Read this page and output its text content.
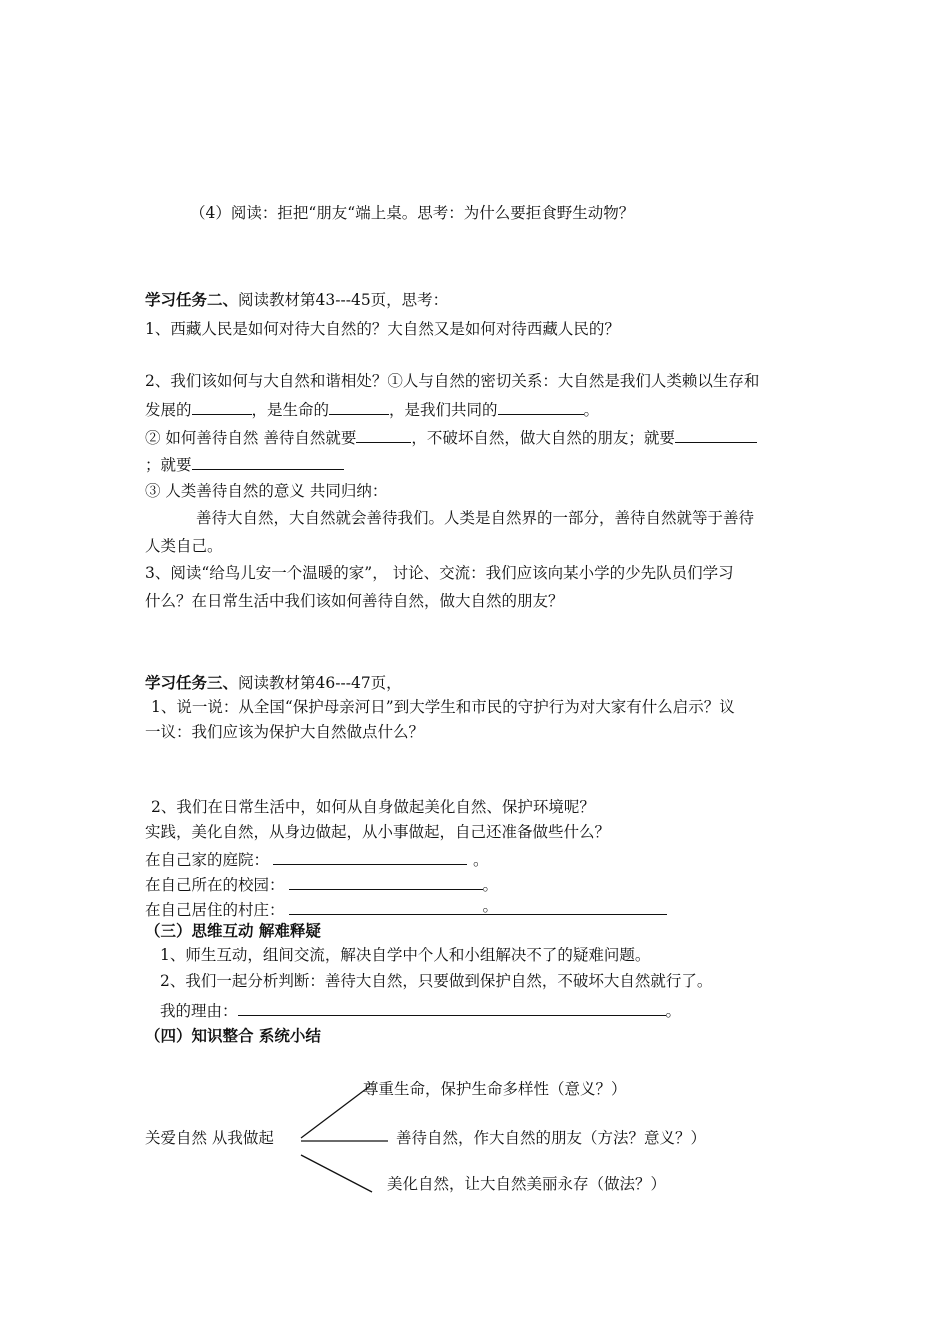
（4）阅读：拒把“朋友“端上桌。思考：为什么要拒食野生动物？
学习任务二、阅读教材第43---45页，思考：
1、西藏人民是如何对待大自然的？大自然又是如何对待西藏人民的？
2、我们该如何与大自然和谐相处？①人与自然的密切关系：大自然是我们人类赖以生存和
发展的	，是生命的	，是我们共同的	。
② 如何善待自然 善待自然就要	，不破坏自然，做大自然的朋友；就要
；就要
③ 人类善待自然的意义 共同归纳：
善待大自然，大自然就会善待我们。人类是自然界的一部分，善待自然就等于善待
人类自己。
3、阅读“给鸟儿安一个温暖的家”， 讨论、交流：我们应该向某小学的少先队员们学习
什么？在日常生活中我们该如何善待自然，做大自然的朋友？
学习任务三、阅读教材第46---47页，
1、说一说：从全国“保护母亲河日”到大学生和市民的守护行为对大家有什么启示？议
一议：我们应该为保护大自然做点什么？
2、我们在日常生活中，如何从自身做起美化自然、保护环境呢？
实践，美化自然，从身边做起，从小事做起，自己还准备做些什么？
在自己家的庭院：	。
在自己所在的校园：	。
在自己居住的村庄：	。
（三）思维互动 解难释疑
1、师生互动，组间交流，解决自学中个人和小组解决不了的疑难问题。
2、我们一起分析判断：善待大自然，只要做到保护自然，不破坏大自然就行了。
我的理由：	。
（四）知识整合 系统小结
尊重生命，保护生命多样性（意义？）
关爱自然 从我做起	善待自然，作大自然的朋友（方法？意义？）
美化自然，让大自然美丽永存（做法？）
